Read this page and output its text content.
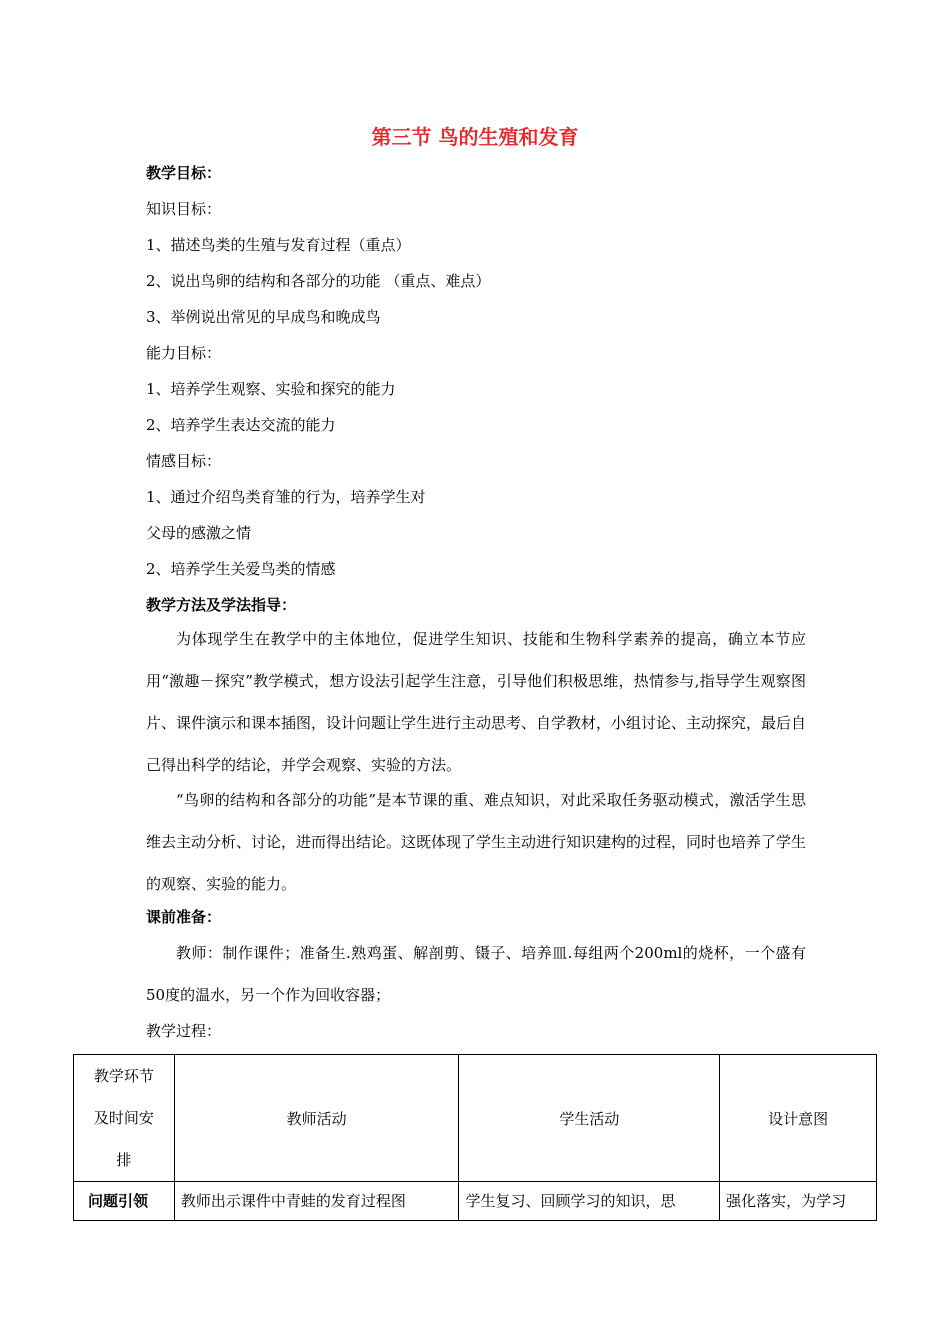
第三节 鸟的生殖和发育
教学目标：
知识目标：
1、描述鸟类的生殖与发育过程（重点）
2、说出鸟卵的结构和各部分的功能 （重点、难点）
3、举例说出常见的早成鸟和晚成鸟
能力目标：
1、培养学生观察、实验和探究的能力
2、培养学生表达交流的能力
情感目标：
1、通过介绍鸟类育雏的行为，培养学生对
父母的感激之情
2、培养学生关爱鸟类的情感
教学方法及学法指导：

为体现学生在教学中的主体地位，促进学生知识、技能和生物科学素养的提高，确立本节应用“激趣－探究”教学模式，想方设法引起学生注意，引导他们积极思维，热情参与,指导学生观察图片、课件演示和课本插图，设计问题让学生进行主动思考、自学教材，小组讨论、主动探究，最后自己得出科学的结论，并学会观察、实验的方法。

“鸟卵的结构和各部分的功能”是本节课的重、难点知识，对此采取任务驱动模式，激活学生思维去主动分析、讨论，进而得出结论。这既体现了学生主动进行知识建构的过程，同时也培养了学生的观察、实验的能力。

课前准备：

教师：制作课件；准备生.熟鸡蛋、解剖剪、镊子、培养皿.每组两个200ml的烧杯，一个盛有50度的温水，另一个作为回收容器；

教学过程：
教学环节及时间安排	教师活动	学生活动	设计意图
问题引领	教师出示课件中青蛙的发育过程图	学生复习、回顾学习的知识，思	强化落实，为学习
